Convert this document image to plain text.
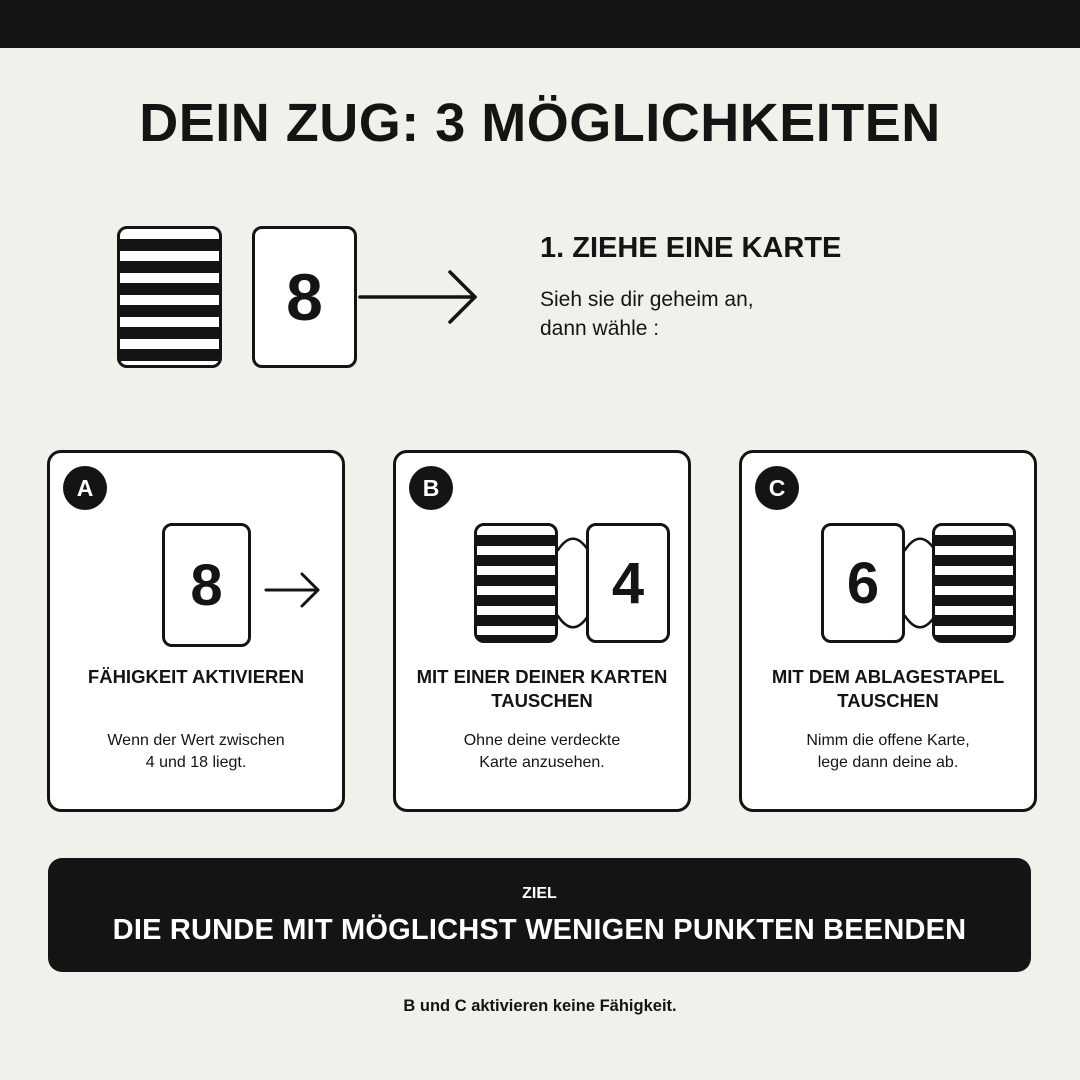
DEIN ZUG: 3 MÖGLICHKEITEN
8
1. ZIEHE EINE KARTE
Sieh sie dir geheim an,
dann wähle :
A
8
FÄHIGKEIT AKTIVIEREN
Wenn der Wert zwischen
4 und 18 liegt.
B
4
MIT EINER DEINER KARTEN
TAUSCHEN
Ohne deine verdeckte
Karte anzusehen.
C
6
MIT DEM ABLAGESTAPEL
TAUSCHEN
Nimm die offene Karte,
lege dann deine ab.
ZIEL
DIE RUNDE MIT MÖGLICHST WENIGEN PUNKTEN BEENDEN
B und C aktivieren keine Fähigkeit.
